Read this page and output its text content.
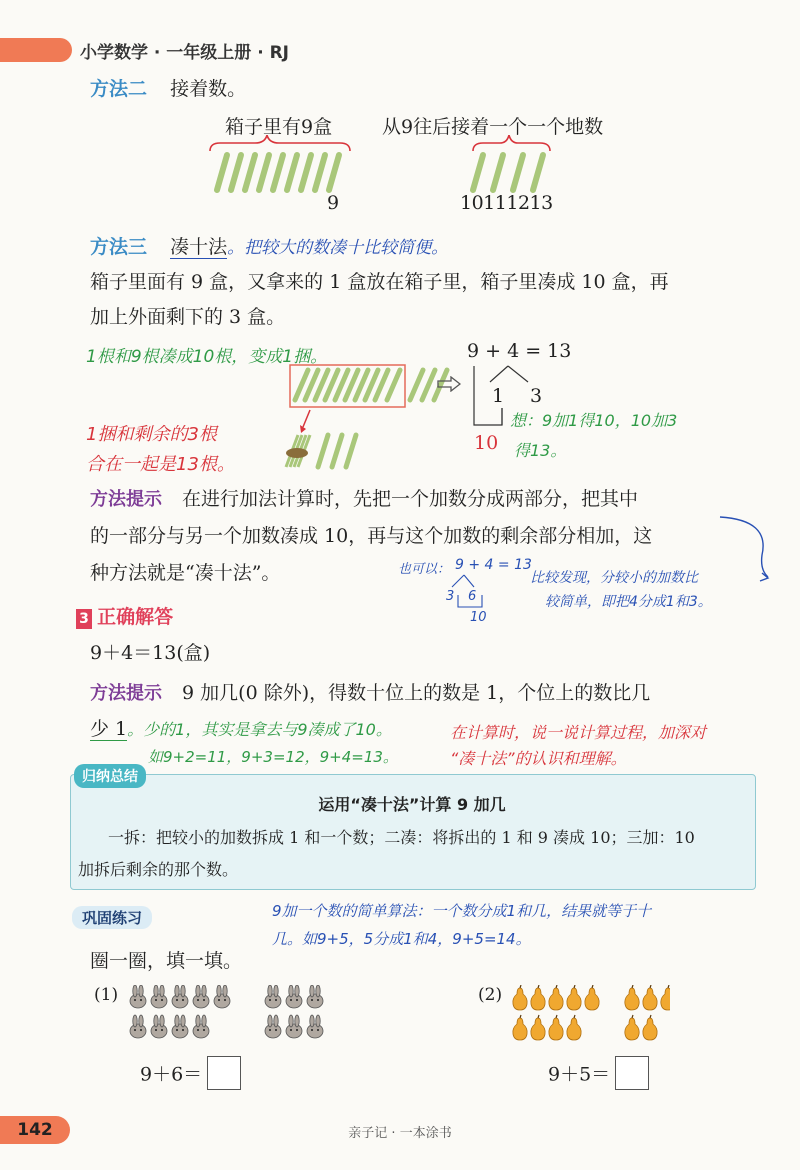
小学数学 · 一年级上册 · RJ
方法二 接着数。
箱子里有9盒	从9往后接着一个一个地数
9	10111213
方法三 凑十法。把较大的数凑十比较简便。
箱子里面有 9 盒，又拿来的 1 盒放在箱子里，箱子里凑成 10 盒，再
加上外面剩下的 3 盒。
1根和9根凑成10根，变成1捆。	9 + 4 = 13
1 3
10
想：9加1得10，10加3
得13。
1捆和剩余的3根
合在一起是13根。
方法提示 在进行加法计算时，先把一个加数分成两部分，把其中
的一部分与另一个加数凑成 10，再与这个加数的剩余部分相加，这
种方法就是“凑十法”。	也可以： 9 + 4 = 13
3 6
10
比较发现，分较小的加数比
较简单，即把4分成1和3。
3 正确解答
9＋4＝13(盒)
方法提示 9 加几(0 除外)，得数十位上的数是 1，个位上的数比几
少 1。少的1，其实是拿去与9凑成了10。
如9+2=11，9+3=12，9+4=13。
在计算时，说一说计算过程，加深对
“凑十法”的认识和理解。
归纳总结
运用“凑十法”计算 9 加几
一拆：把较小的加数拆成 1 和一个数；二凑：将拆出的 1 和 9 凑成 10；三加：10
加拆后剩余的那个数。
巩固练习	9加一个数的简单算法：一个数分成1和几，结果就等于十
几。如9+5，5分成1和4，9+5=14。
圈一圈，填一填。
(1)
9＋6＝
(2)
9＋5＝
142	亲子记 · 一本涂书
